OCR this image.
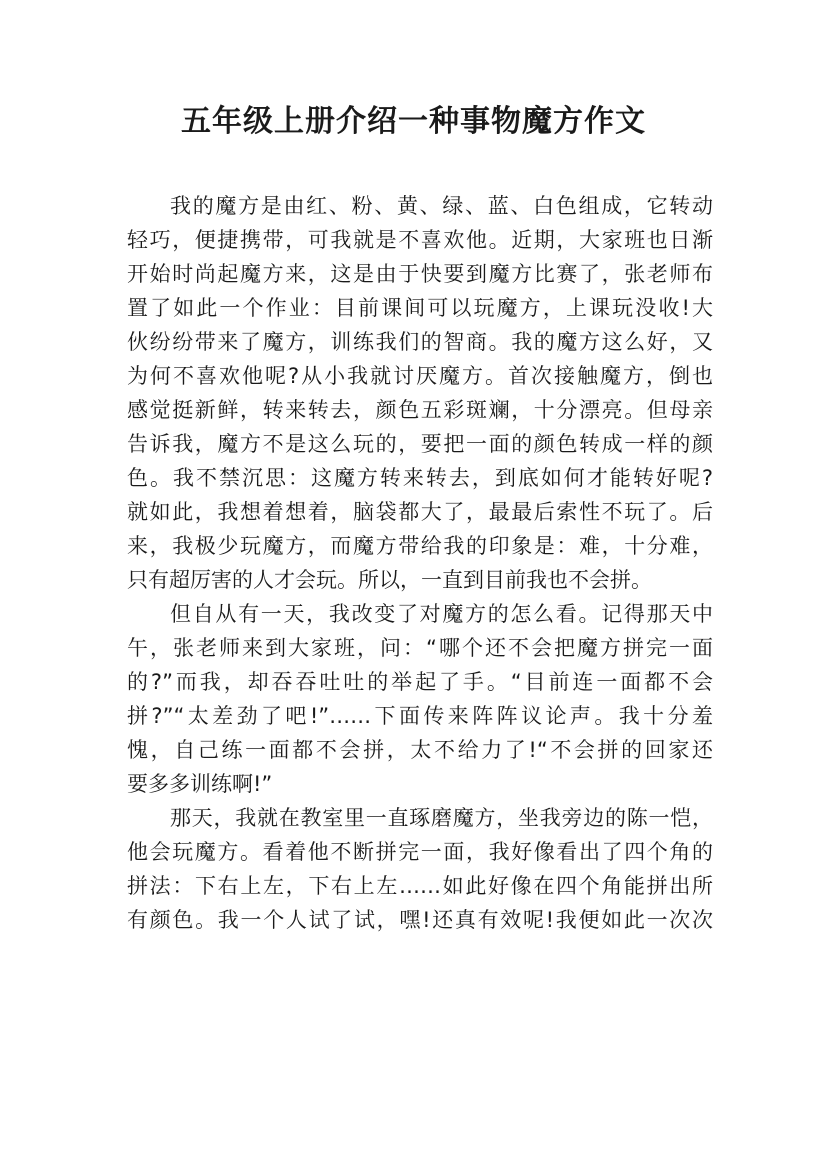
五年级上册介绍一种事物魔方作文
我的魔方是由红、粉、黄、绿、蓝、白色组成，它转动
轻巧，便捷携带，可我就是不喜欢他。近期，大家班也日渐
开始时尚起魔方来，这是由于快要到魔方比赛了，张老师布
置了如此一个作业：目前课间可以玩魔方，上课玩没收!大
伙纷纷带来了魔方，训练我们的智商。我的魔方这么好，又
为何不喜欢他呢?从小我就讨厌魔方。首次接触魔方，倒也
感觉挺新鲜，转来转去，颜色五彩斑斓，十分漂亮。但母亲
告诉我，魔方不是这么玩的，要把一面的颜色转成一样的颜
色。我不禁沉思：这魔方转来转去，到底如何才能转好呢?
就如此，我想着想着，脑袋都大了，最最后索性不玩了。后
来，我极少玩魔方，而魔方带给我的印象是：难，十分难，
只有超厉害的人才会玩。所以，一直到目前我也不会拼。
但自从有一天，我改变了对魔方的怎么看。记得那天中
午，张老师来到大家班，问：“哪个还不会把魔方拼完一面
的?”而我，却吞吞吐吐的举起了手。“目前连一面都不会
拼?”“太差劲了吧!”……下面传来阵阵议论声。我十分羞
愧，自己练一面都不会拼，太不给力了!“不会拼的回家还
要多多训练啊!”
那天，我就在教室里一直琢磨魔方，坐我旁边的陈一恺，
他会玩魔方。看着他不断拼完一面，我好像看出了四个角的
拼法：下右上左，下右上左……如此好像在四个角能拼出所
有颜色。我一个人试了试，嘿!还真有效呢!我便如此一次次
